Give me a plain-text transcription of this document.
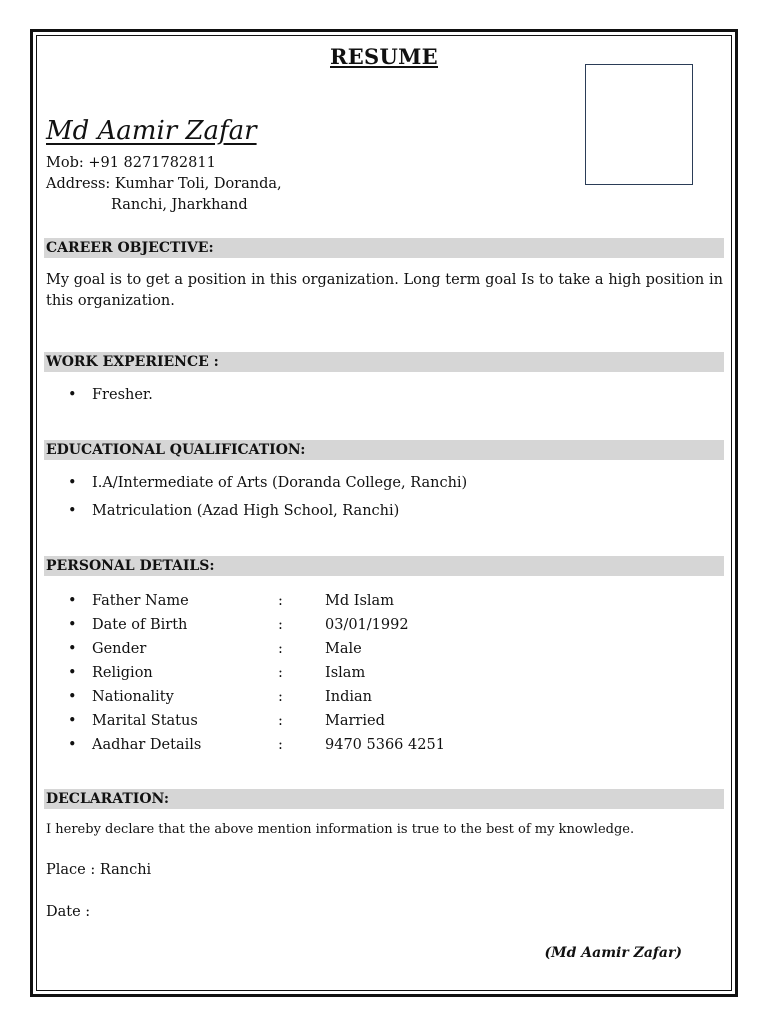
RESUME
Md Aamir Zafar
Mob: +91 8271782811
Address: Kumhar Toli, Doranda,
Ranchi, Jharkhand
CAREER OBJECTIVE:
My goal is to get a position in this organization. Long term goal Is to take a high position in this organization.
WORK EXPERIENCE :
Fresher.
EDUCATIONAL QUALIFICATION:
I.A/Intermediate of Arts (Doranda College, Ranchi)
Matriculation (Azad High School, Ranchi)
PERSONAL DETAILS:
• Father Name	:	Md Islam
• Date of Birth	:	03/01/1992
• Gender	:	Male
• Religion	:	Islam
• Nationality	:	Indian
• Marital Status	:	Married
• Aadhar Details	:	9470 5366 4251
DECLARATION:
I hereby declare that the above mention information is true to the best of my knowledge.
Place : Ranchi
Date :
(Md Aamir Zafar)
